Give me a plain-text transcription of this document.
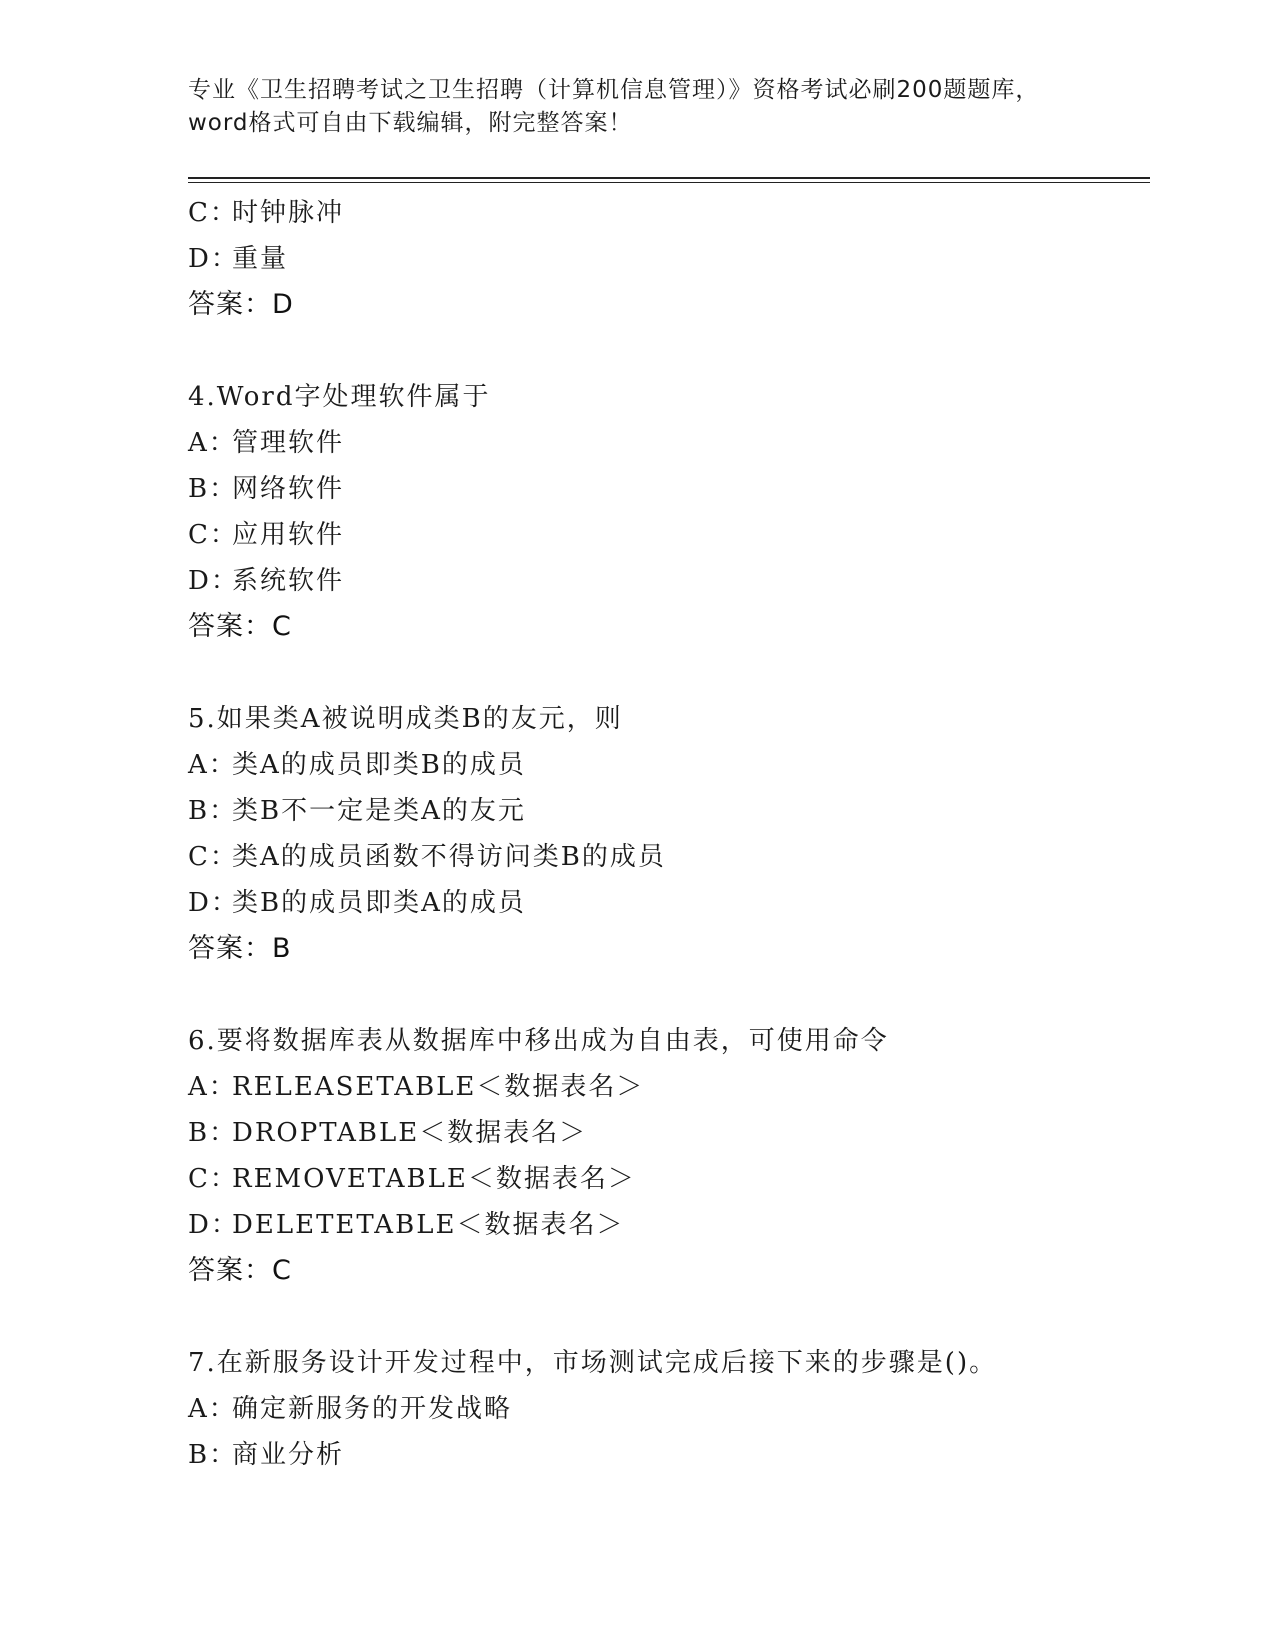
专业《卫生招聘考试之卫生招聘（计算机信息管理）》资格考试必刷200题题库，
word格式可自由下载编辑，附完整答案！
C：时钟脉冲
D：重量
答案：D
4.Word字处理软件属于
A：管理软件
B：网络软件
C：应用软件
D：系统软件
答案：C
5.如果类A被说明成类B的友元，则
A：类A的成员即类B的成员
B：类B不一定是类A的友元
C：类A的成员函数不得访问类B的成员
D：类B的成员即类A的成员
答案：B
6.要将数据库表从数据库中移出成为自由表，可使用命令
A：RELEASETABLE＜数据表名＞
B：DROPTABLE＜数据表名＞
C：REMOVETABLE＜数据表名＞
D：DELETETABLE＜数据表名＞
答案：C
7.在新服务设计开发过程中，市场测试完成后接下来的步骤是()。
A：确定新服务的开发战略
B：商业分析
